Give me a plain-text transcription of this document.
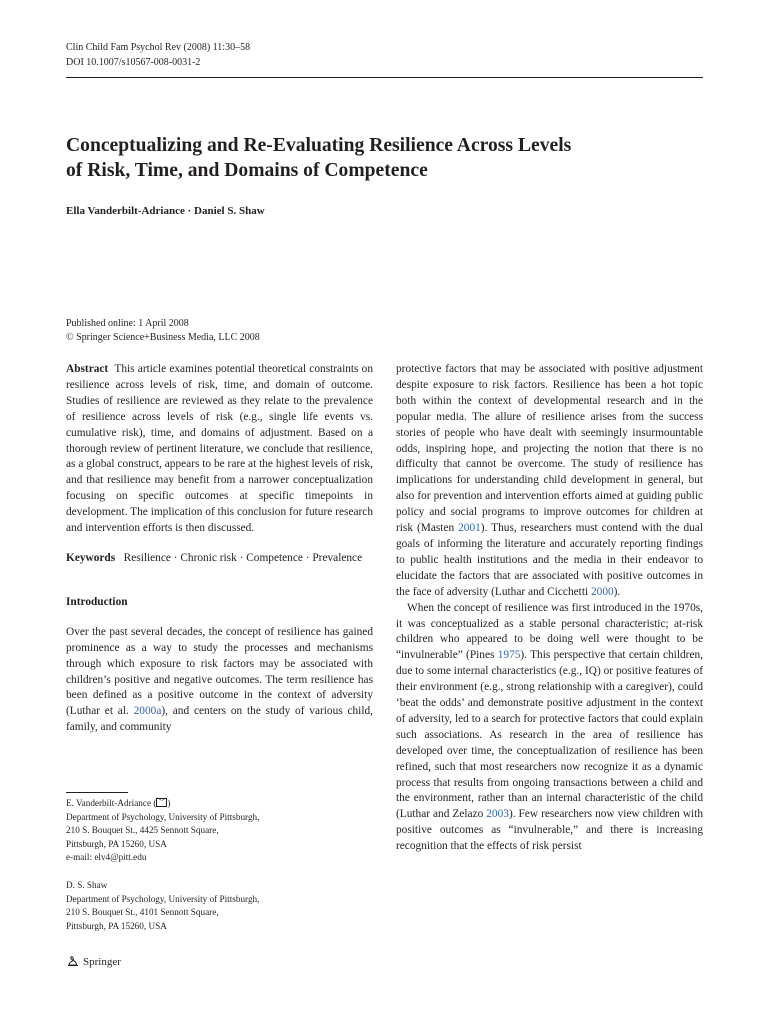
Clin Child Fam Psychol Rev (2008) 11:30–58
DOI 10.1007/s10567-008-0031-2
Conceptualizing and Re-Evaluating Resilience Across Levels
of Risk, Time, and Domains of Competence
Ella Vanderbilt-Adriance · Daniel S. Shaw
Published online: 1 April 2008
© Springer Science+Business Media, LLC 2008

Abstract This article examines potential theoretical constraints on resilience across levels of risk, time, and domain of outcome. Studies of resilience are reviewed as they relate to the prevalence of resilience across levels of risk (e.g., single life events vs. cumulative risk), time, and domains of adjustment. Based on a thorough review of pertinent literature, we conclude that resilience, as a global construct, appears to be rare at the highest levels of risk, and that resilience may benefit from a narrower conceptualization focusing on specific outcomes at specific timepoints in development. The implication of this conclusion for future research and intervention efforts is then discussed.

Keywords Resilience · Chronic risk · Competence · Prevalence

Introduction

Over the past several decades, the concept of resilience has gained prominence as a way to study the processes and mechanisms through which exposure to risk factors may be associated with children’s positive and negative outcomes. The term resilience has been defined as a positive outcome in the context of adversity (Luthar et al. 2000a), and centers on the study of various child, family, and community

protective factors that may be associated with positive adjustment despite exposure to risk factors. Resilience has been a hot topic both within the context of developmental research and in the popular media. The allure of resilience arises from the success stories of people who have dealt with seemingly insurmountable odds, inspiring hope, and projecting the notion that there is no difficulty that cannot be overcome. The study of resilience has implications for understanding child development in general, but also for prevention and intervention efforts aimed at guiding public policy and social programs to improve outcomes for children at risk (Masten 2001). Thus, researchers must contend with the dual goals of informing the literature and accurately reporting findings to public health institutions and the media in their endeavor to elucidate the factors that are associated with positive outcomes in the face of adversity (Luthar and Cicchetti 2000).

When the concept of resilience was first introduced in the 1970s, it was conceptualized as a stable personal characteristic; at-risk children who appeared to be doing well were thought to be “invulnerable” (Pines 1975). This perspective that certain children, due to some internal characteristics (e.g., IQ) or positive features of their environment (e.g., strong relationship with a caregiver), could ‘beat the odds’ and demonstrate positive adjustment in the context of adversity, led to a search for protective factors that could explain such associations. As research in the area of resilience has developed over time, the conceptualization of resilience has been refined, such that most researchers now recognize it as a dynamic process that results from ongoing transactions between a child and the environment, rather than an internal characteristic of the child (Luthar and Zelazo 2003). Few researchers now view children with positive outcomes as “invulnerable,” and there is increasing recognition that the effects of risk persist

E. Vanderbilt-Adriance ( )
Department of Psychology, University of Pittsburgh,
210 S. Bouquet St., 4425 Sennott Square,
Pittsburgh, PA 15260, USA
e-mail: elv4@pitt.edu
D. S. Shaw
Department of Psychology, University of Pittsburgh,
210 S. Bouquet St., 4101 Sennott Square,
Pittsburgh, PA 15260, USA
Springer
